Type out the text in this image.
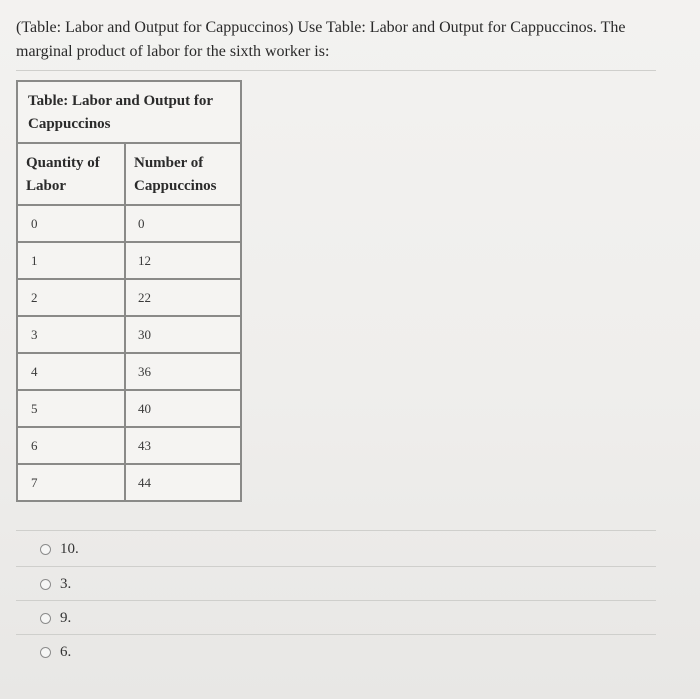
(Table: Labor and Output for Cappuccinos) Use Table: Labor and Output for Cappuccinos. The marginal product of labor for the sixth worker is:
Table: Labor and Output for Cappuccinos	
Quantity of Labor	Number of Cappuccinos
0	0
1	12
2	22
3	30
4	36
5	40
6	43
7	44
10.
3.
9.
6.
